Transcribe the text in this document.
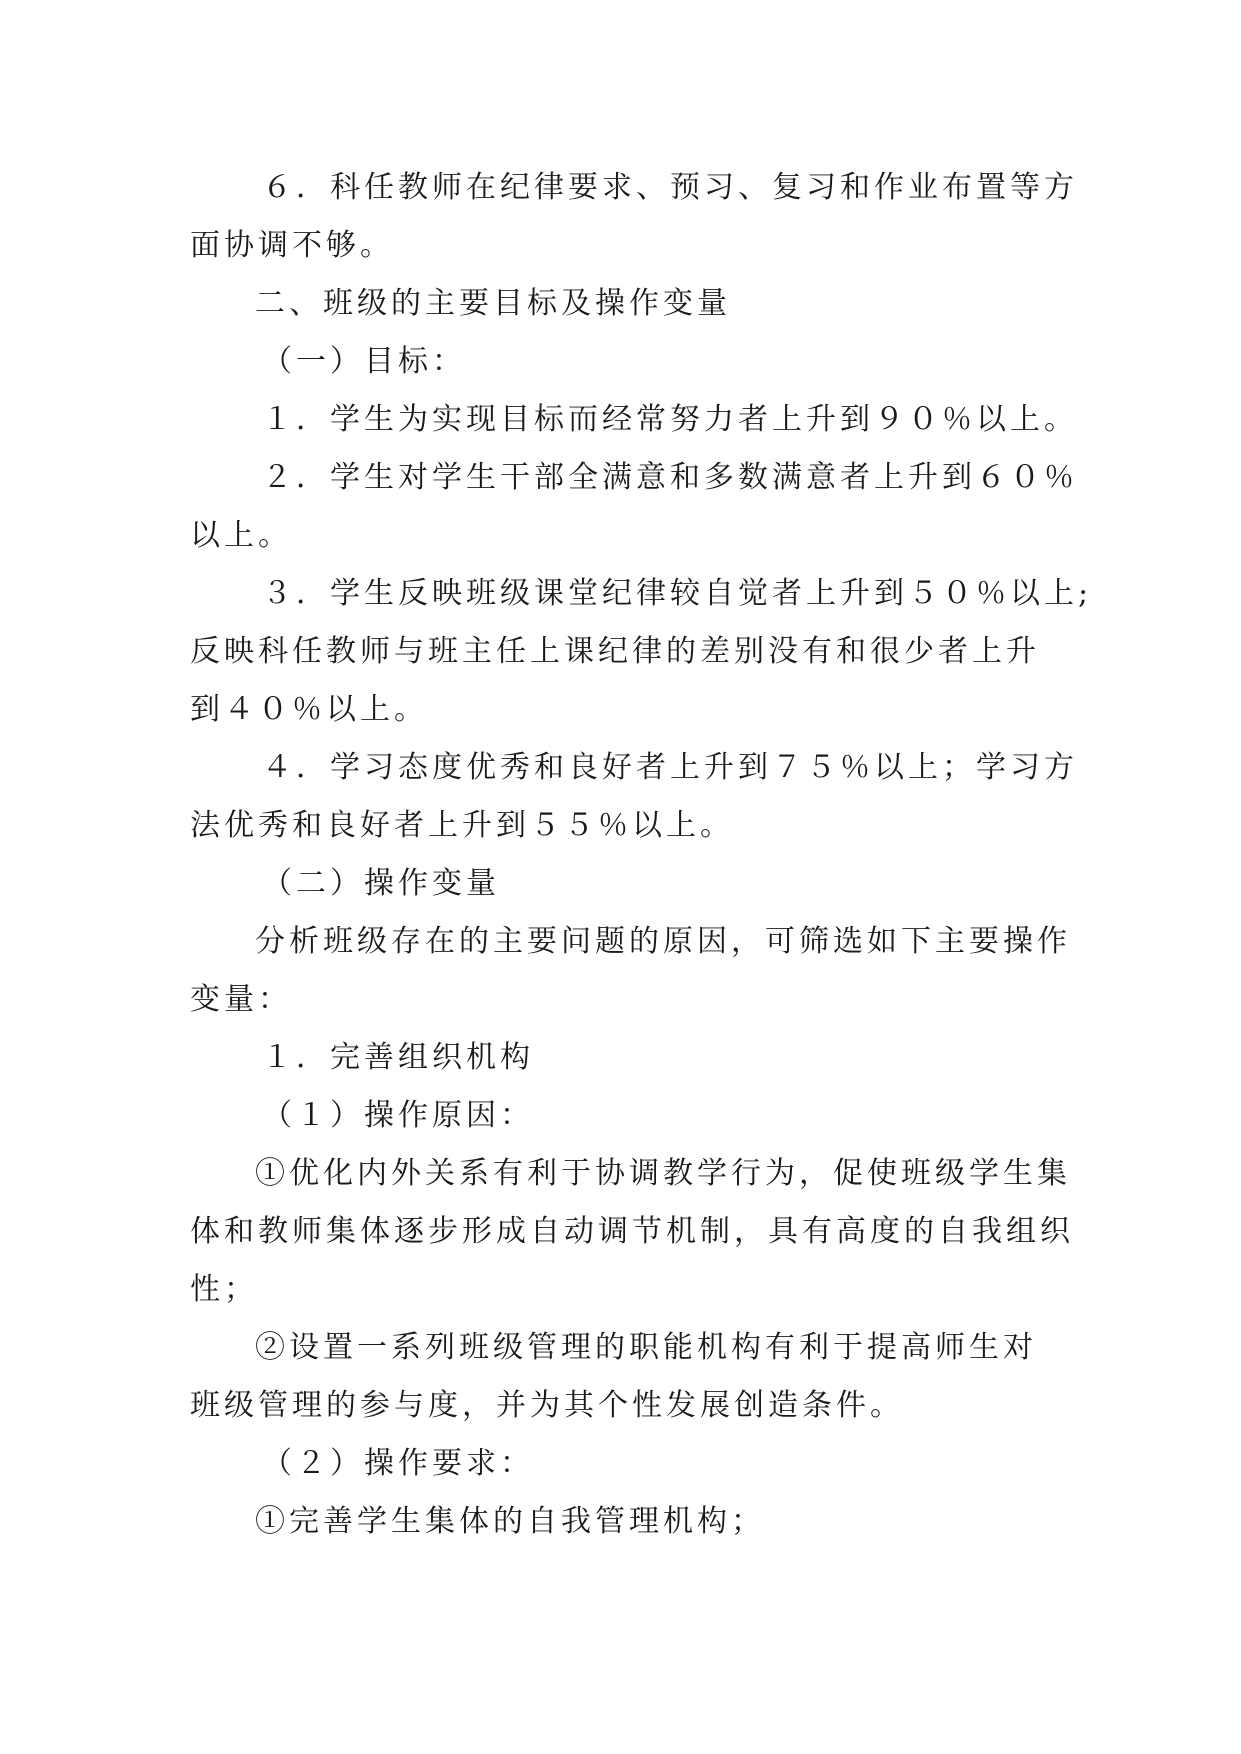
６．科任教师在纪律要求、预习、复习和作业布置等方
面协调不够。
二、班级的主要目标及操作变量
（一）目标：
１．学生为实现目标而经常努力者上升到９０％以上。
２．学生对学生干部全满意和多数满意者上升到６０％
以上。
３．学生反映班级课堂纪律较自觉者上升到５０％以上;
反映科任教师与班主任上课纪律的差别没有和很少者上升
到４０％以上。
４．学习态度优秀和良好者上升到７５％以上；学习方
法优秀和良好者上升到５５％以上。
（二）操作变量
分析班级存在的主要问题的原因，可筛选如下主要操作
变量：
１．完善组织机构
（１）操作原因：
①优化内外关系有利于协调教学行为，促使班级学生集
体和教师集体逐步形成自动调节机制，具有高度的自我组织
性；
②设置一系列班级管理的职能机构有利于提高师生对
班级管理的参与度，并为其个性发展创造条件。
（２）操作要求：
①完善学生集体的自我管理机构；
